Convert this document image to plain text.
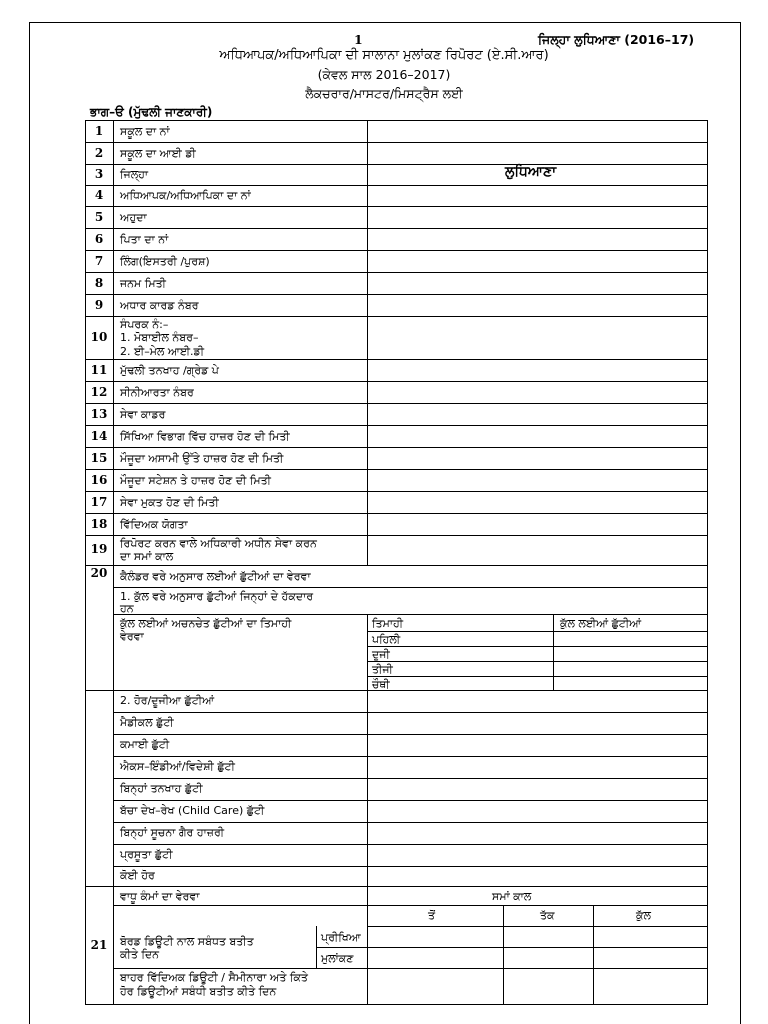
1	ਜਿਲ੍ਹਾ ਲੁਧਿਆਣਾ (2016–17)
ਅਧਿਆਪਕ/ਅਧਿਆਪਿਕਾ ਦੀ ਸਾਲਾਨਾ ਮੁਲਾਂਕਣ ਰਿਪੋਰਟ (ਏ.ਸੀ.ਆਰ)
(ਕੇਵਲ ਸਾਲ 2016–2017)
ਲੈਕਚਰਾਰ/ਮਾਸਟਰ/ਮਿਸਟ੍ਰੈਸ ਲਈ
ਭਾਗ–ੳ (ਮੁੱਢਲੀ ਜਾਣਕਾਰੀ)
1	ਸਕੂਲ ਦਾ ਨਾਂ
2	ਸਕੂਲ ਦਾ ਆਈ ਡੀ
3	ਜਿਲ੍ਹਾ	ਲੁਧਿਆਣਾ
4	ਅਧਿਆਪਕ/ਅਧਿਆਪਿਕਾ ਦਾ ਨਾਂ
5	ਅਹੁਦਾ
6	ਪਿਤਾ ਦਾ ਨਾਂ
7	ਲਿੰਗ(ਇਸਤਰੀ /ਪੁਰਸ਼)
8	ਜਨਮ ਮਿਤੀ
9	ਅਧਾਰ ਕਾਰਡ ਨੰਬਰ
10
ਸੰਪਰਕ ਨੰ:–
1. ਮੋਬਾਈਲ ਨੰਬਰ–
2. ਈ–ਮੇਲ ਆਈ.ਡੀ
11	ਮੁੱਢਲੀ ਤਨਖਾਹ /ਗ੍ਰੇਡ ਪੇ
12	ਸੀਨੀਆਰਤਾ ਨੰਬਰ
13	ਸੇਵਾ ਕਾਡਰ
14	ਸਿੱਖਿਆ ਵਿਭਾਗ ਵਿੱਚ ਹਾਜ਼ਰ ਹੋਣ ਦੀ ਮਿਤੀ
15	ਮੌਜੂਦਾ ਅਸਾਮੀ ਉੱਤੇ ਹਾਜ਼ਰ ਹੋਣ ਦੀ ਮਿਤੀ
16	ਮੌਜੂਦਾ ਸਟੇਸ਼ਨ ਤੇ ਹਾਜ਼ਰ ਹੋਣ ਦੀ ਮਿਤੀ
17	ਸੇਵਾ ਮੁਕਤ ਹੋਣ ਦੀ ਮਿਤੀ
18	ਵਿੱਦਿਅਕ ਯੋਗਤਾ
19	ਰਿਪੋਰਟ ਕਰਨ ਵਾਲੇ ਅਧਿਕਾਰੀ ਅਧੀਨ ਸੇਵਾ ਕਰਨ
ਦਾ ਸਮਾਂ ਕਾਲ
20	ਕੈਲੰਡਰ ਵਰੇ ਅਨੁਸਾਰ ਲਈਆਂ ਛੁੱਟੀਆਂ ਦਾ ਵੇਰਵਾ
1. ਕੁੱਲ ਵਰੇ ਅਨੁਸਾਰ ਛੁੱਟੀਆਂ ਜਿਨ੍ਹਾਂ ਦੇ ਹੱਕਦਾਰ
ਹਨ
ਕੁੱਲ ਲਈਆਂ ਅਚਨਚੇਤ ਛੁੱਟੀਆਂ ਦਾ ਤਿਮਾਹੀ
ਵੇਰਵਾ
ਤਿਮਾਹੀ	ਕੁੱਲ ਲਈਆਂ ਛੁੱਟੀਆਂ
ਪਹਿਲੀ
ਦੂਜੀ
ਤੀਜੀ
ਚੌਥੀ
2. ਹੋਰ/ਦੂਜੀਆ ਛੁੱਟੀਆਂ
ਮੈਡੀਕਲ ਛੁੱਟੀ
ਕਮਾਈ ਛੁੱਟੀ
ਐਕਸ–ਇੰਡੀਆਂ/ਵਿਦੇਸ਼ੀ ਛੁੱਟੀ
ਬਿਨ੍ਹਾਂ ਤਨਖਾਹ ਛੁੱਟੀ
ਬੱਚਾ ਦੇਖ–ਰੇਖ (Child Care) ਛੁੱਟੀ
ਬਿਨ੍ਹਾਂ ਸੂਚਨਾ ਗੈਰ ਹਾਜ਼ਰੀ
ਪ੍ਰਸੂਤਾ ਛੁੱਟੀ
ਕੋਈ ਹੋਰ
21
ਵਾਧੂ ਕੰਮਾਂ ਦਾ ਵੇਰਵਾ	ਸਮਾਂ ਕਾਲ
ਤੋਂ	ਤੱਕ	ਕੁੱਲ
ਬੋਰਡ ਡਿਊਟੀ ਨਾਲ ਸਬੰਧਤ ਬਤੀਤ
ਕੀਤੇ ਦਿਨ
ਪ੍ਰੀਖਿਆ
ਮੁਲਾਂਕਣ
ਬਾਹਰ ਵਿੱਦਿਅਕ ਡਿਊਟੀ / ਸੈਮੀਨਾਰਾ ਅਤੇ ਕਿਤੇ
ਹੋਰ ਡਿਊਟੀਆਂ ਸਬੰਧੀ ਬਤੀਤ ਕੀਤੇ ਦਿਨ
